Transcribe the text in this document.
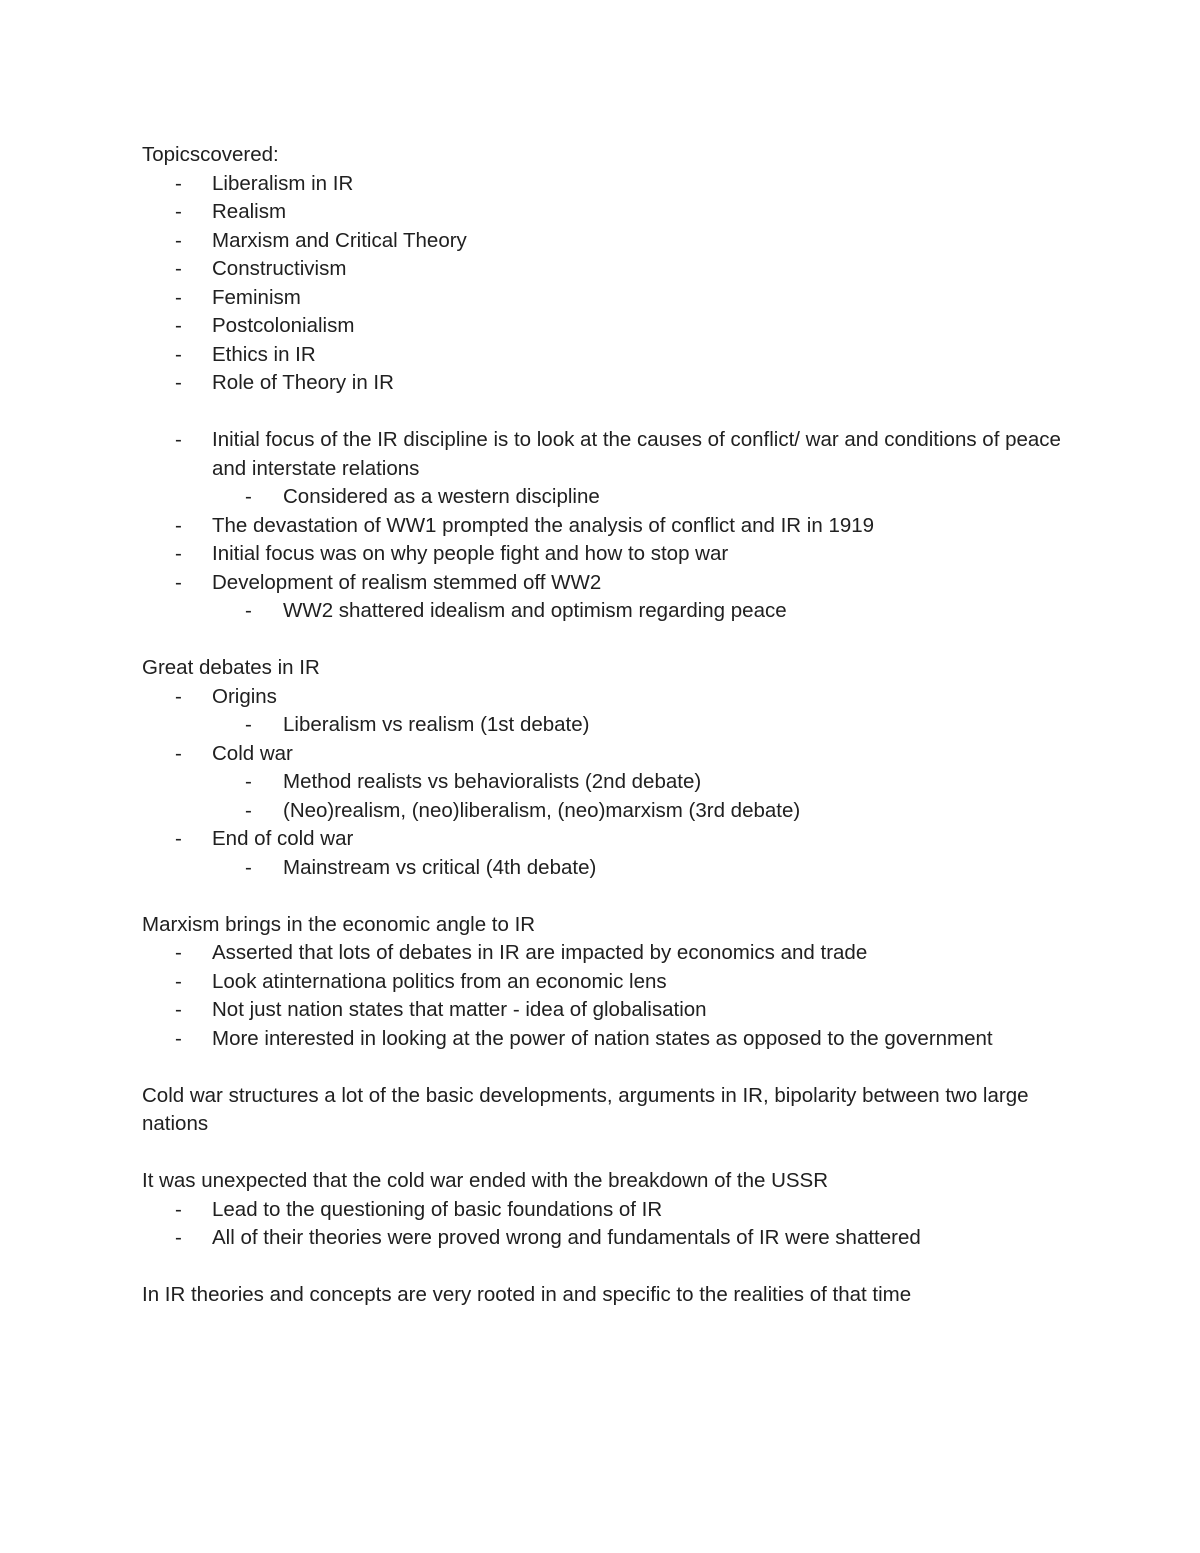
Topicscovered:

- Liberalism in IR
- Realism
- Marxism and Critical Theory
- Constructivism
- Feminism
- Postcolonialism
- Ethics in IR
- Role of Theory in IR
- Initial focus of the IR discipline is to look at the causes of conflict/ war and conditions of peace and interstate relations
- Considered as a western discipline
- The devastation of WW1 prompted the analysis of conflict and IR in 1919
- Initial focus was on why people fight and how to stop war
- Development of realism stemmed off WW2
- WW2 shattered idealism and optimism regarding peace

Great debates in IR

- Origins
- Liberalism vs realism (1st debate)
- Cold war
- Method realists vs behavioralists (2nd debate)
- (Neo)realism, (neo)liberalism, (neo)marxism (3rd debate)
- End of cold war
- Mainstream vs critical (4th debate)

Marxism brings in the economic angle to IR

- Asserted that lots of debates in IR are impacted by economics and trade
- Look atinternationa politics from an economic lens
- Not just nation states that matter - idea of globalisation
- More interested in looking at the power of nation states as opposed to the government

Cold war structures a lot of the basic developments, arguments in IR, bipolarity between two large nations

It was unexpected that the cold war ended with the breakdown of the USSR

- Lead to the questioning of basic foundations of IR
- All of their theories were proved wrong and fundamentals of IR were shattered

In IR theories and concepts are very rooted in and specific to the realities of that time
